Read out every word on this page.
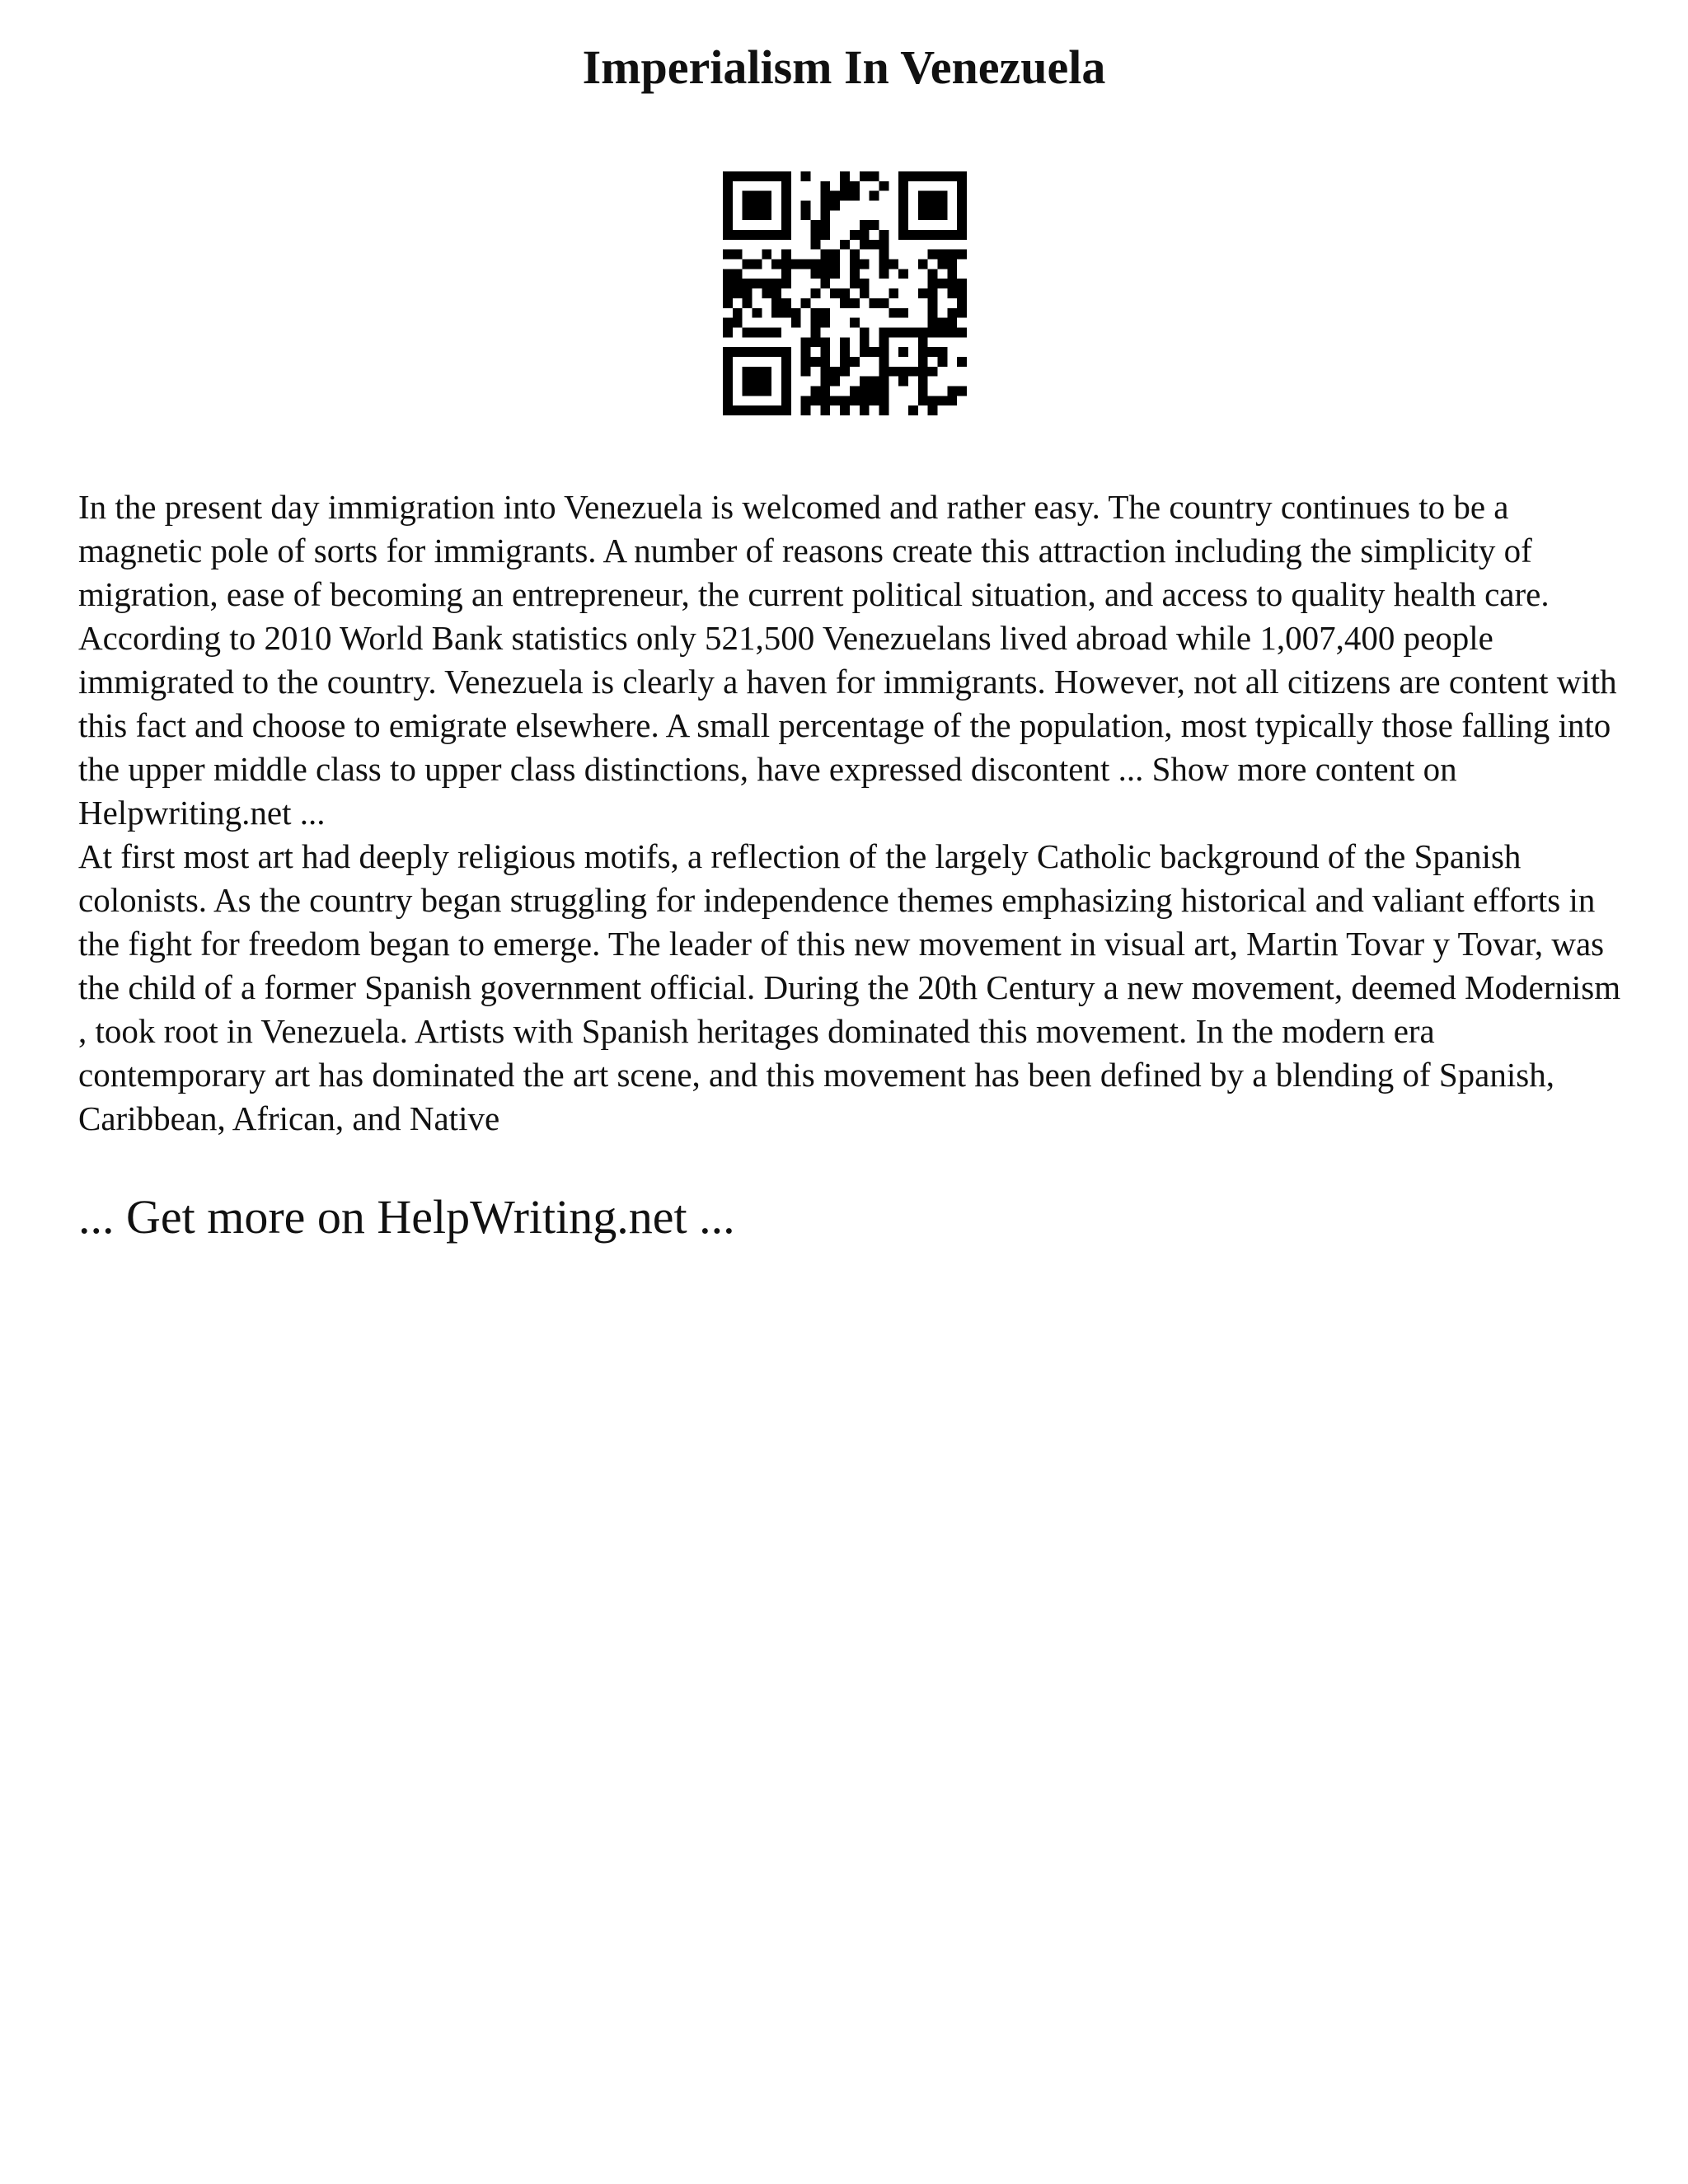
Imperialism In Venezuela

In the present day immigration into Venezuela is welcomed and rather easy. The country continues to be a magnetic pole of sorts for immigrants. A number of reasons create this attraction including the simplicity of migration, ease of becoming an entrepreneur, the current political situation, and access to quality health care. According to 2010 World Bank statistics only 521,500 Venezuelans lived abroad while 1,007,400 people immigrated to the country. Venezuela is clearly a haven for immigrants. However, not all citizens are content with this fact and choose to emigrate elsewhere. A small percentage of the population, most typically those falling into the upper middle class to upper class distinctions, have expressed discontent ... Show more content on Helpwriting.net ...

At first most art had deeply religious motifs, a reflection of the largely Catholic background of the Spanish colonists. As the country began struggling for independence themes emphasizing historical and valiant efforts in the fight for freedom began to emerge. The leader of this new movement in visual art, Martin Tovar y Tovar, was the child of a former Spanish government official. During the 20th Century a new movement, deemed Modernism , took root in Venezuela. Artists with Spanish heritages dominated this movement. In the modern era contemporary art has dominated the art scene, and this movement has been defined by a blending of Spanish, Caribbean, African, and Native

... Get more on HelpWriting.net ...
